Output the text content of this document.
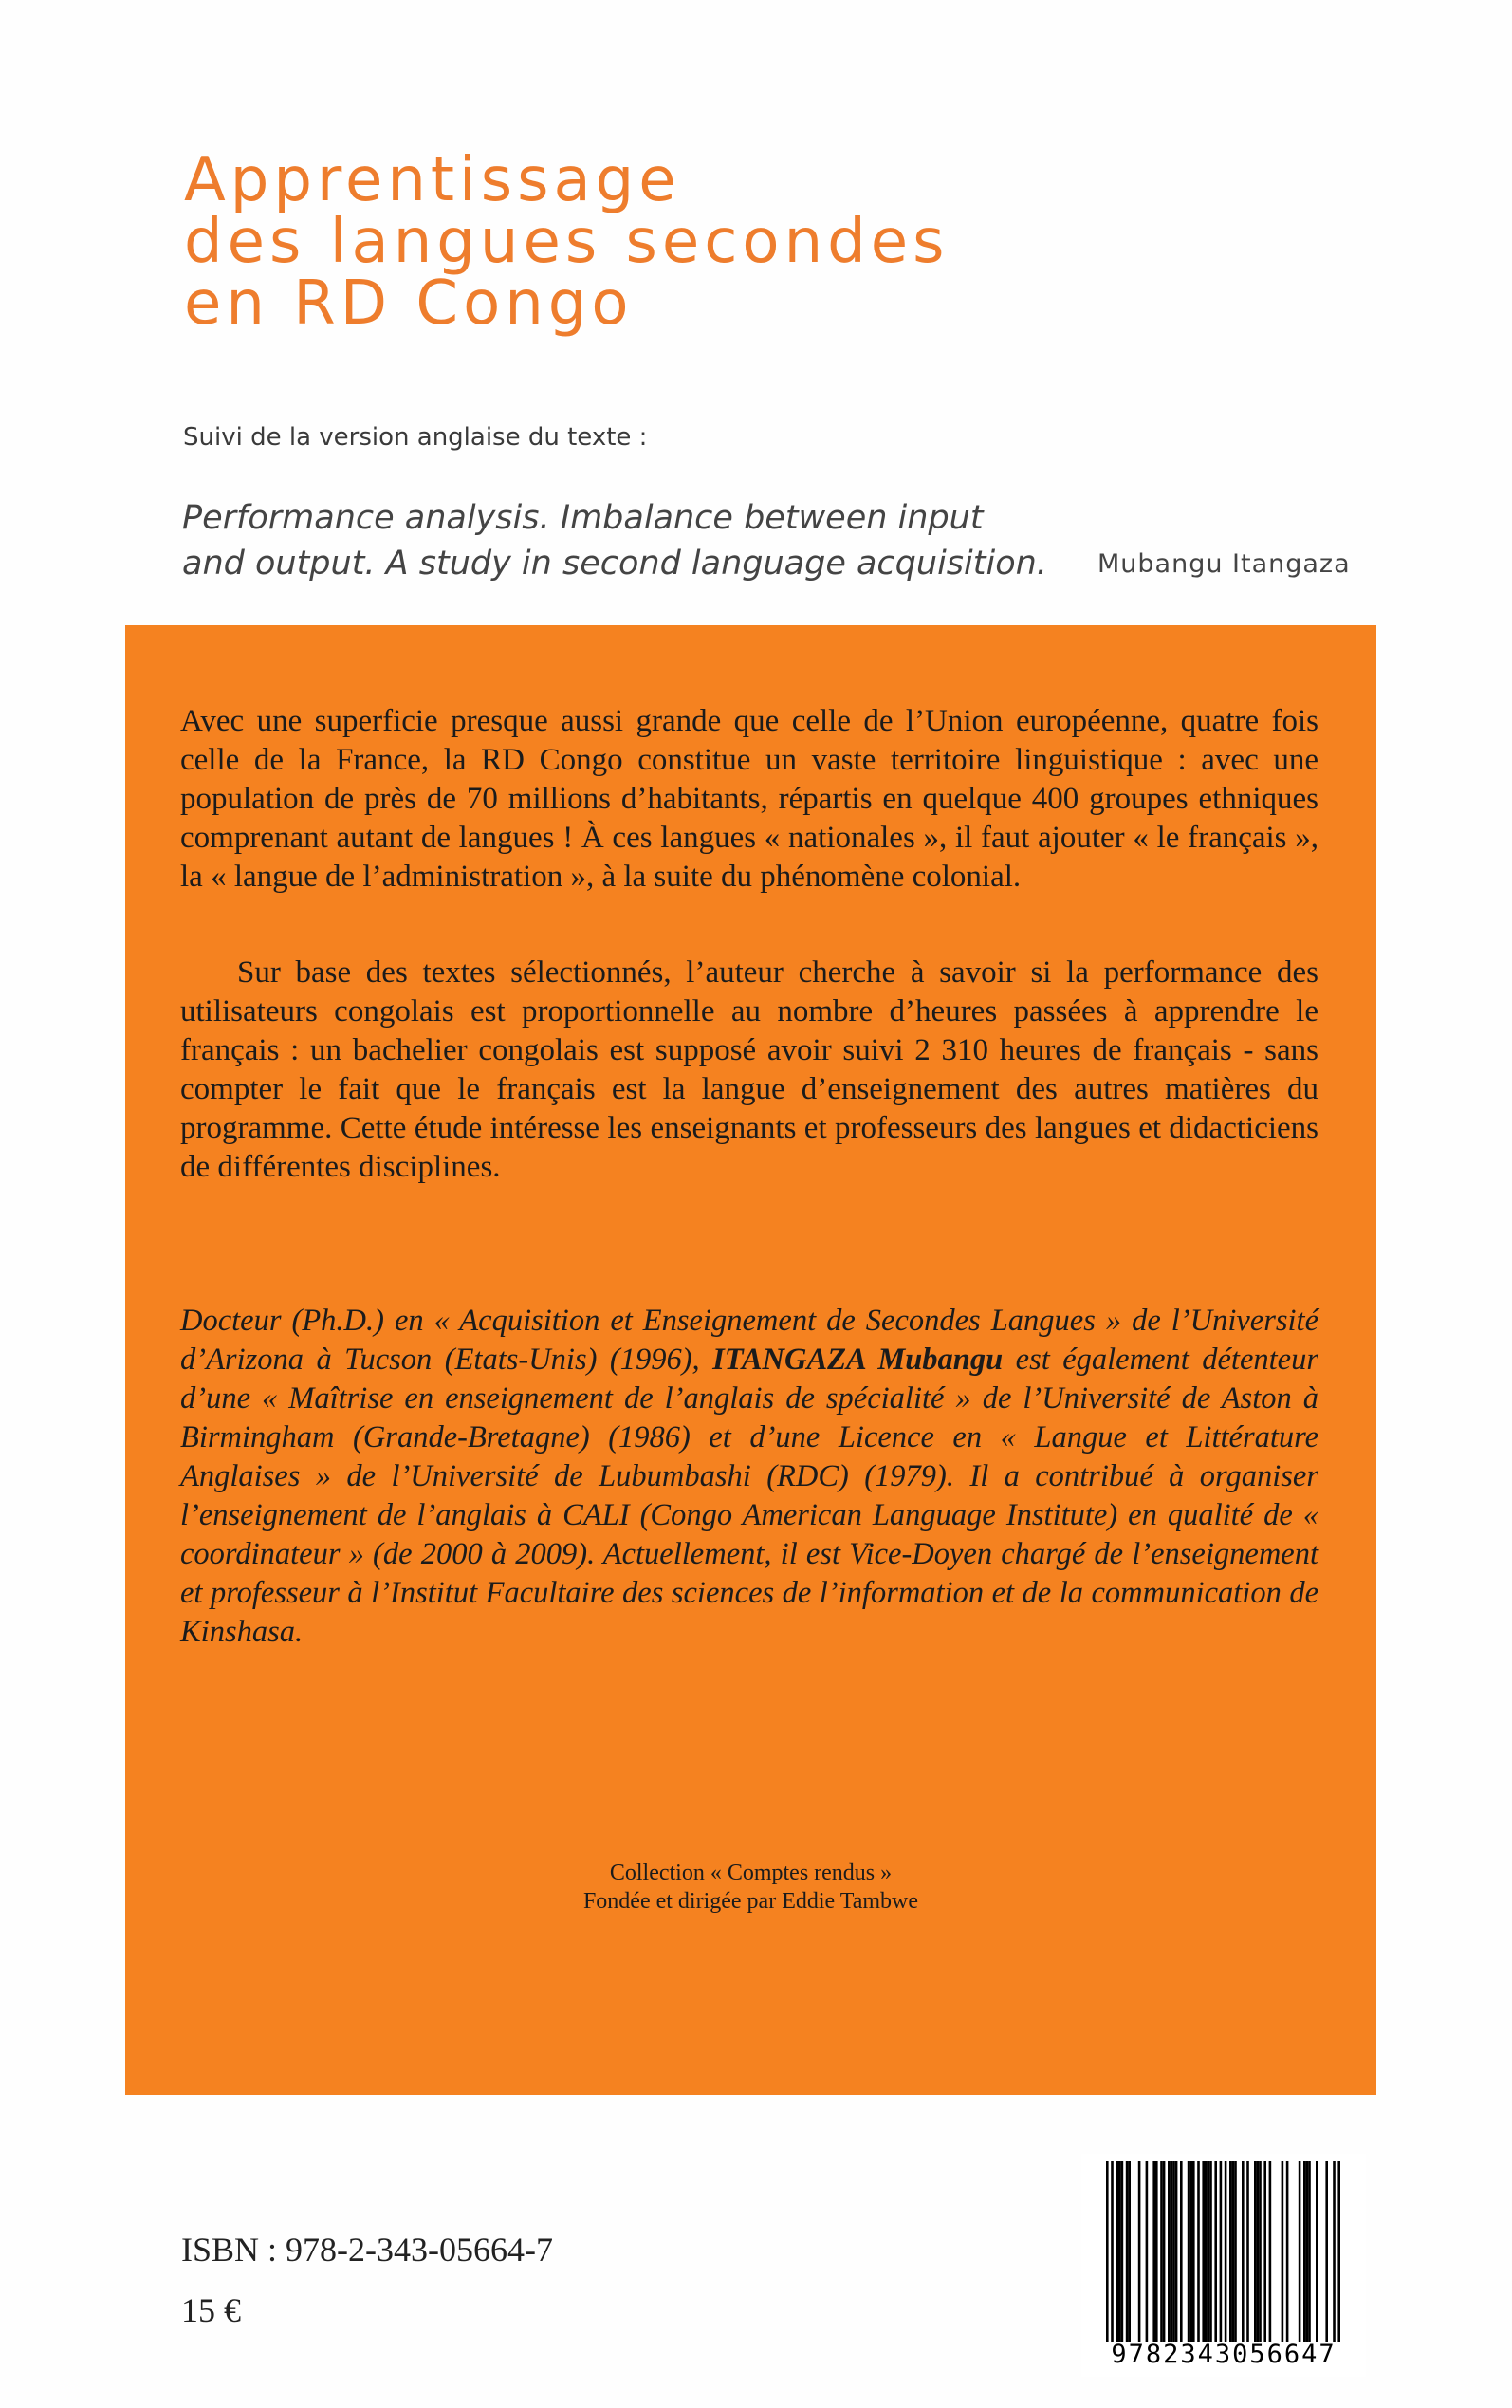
Apprentissage
des langues secondes
en RD Congo

Suivi de la version anglaise du texte :

Performance analysis. Imbalance between input
and output. A study in second language acquisition. Mubangu Itangaza

Avec une superficie presque aussi grande que celle de l’Union européenne, quatre fois celle de la France, la RD Congo constitue un vaste territoire linguistique : avec une population de près de 70 millions d’habitants, répartis en quelque 400 groupes ethniques comprenant autant de langues ! À ces langues « nationales », il faut ajouter « le français », la « langue de l’administration », à la suite du phénomène colonial.

Sur base des textes sélectionnés, l’auteur cherche à savoir si la performance des utilisateurs congolais est proportionnelle au nombre d’heures passées à apprendre le français : un bachelier congolais est supposé avoir suivi 2 310 heures de français - sans compter le fait que le français est la langue d’enseignement des autres matières du programme. Cette étude intéresse les enseignants et professeurs des langues et didacticiens de différentes disciplines.

Docteur (Ph.D.) en « Acquisition et Enseignement de Secondes Langues » de l’Université d’Arizona à Tucson (Etats-Unis) (1996), ITANGAZA Mubangu est également détenteur d’une « Maîtrise en enseignement de l’anglais de spécialité » de l’Université de Aston à Birmingham (Grande-Bretagne) (1986) et d’une Licence en « Langue et Littérature Anglaises » de l’Université de Lubumbashi (RDC) (1979). Il a contribué à organiser l’enseignement de l’anglais à CALI (Congo American Language Institute) en qualité de « coordinateur » (de 2000 à 2009). Actuellement, il est Vice-Doyen chargé de l’enseignement et professeur à l’Institut Facultaire des sciences de l’information et de la communication de Kinshasa.

Collection « Comptes rendus »
Fondée et dirigée par Eddie Tambwe
ISBN : 978-2-343-05664-7
15 €
9782343056647
